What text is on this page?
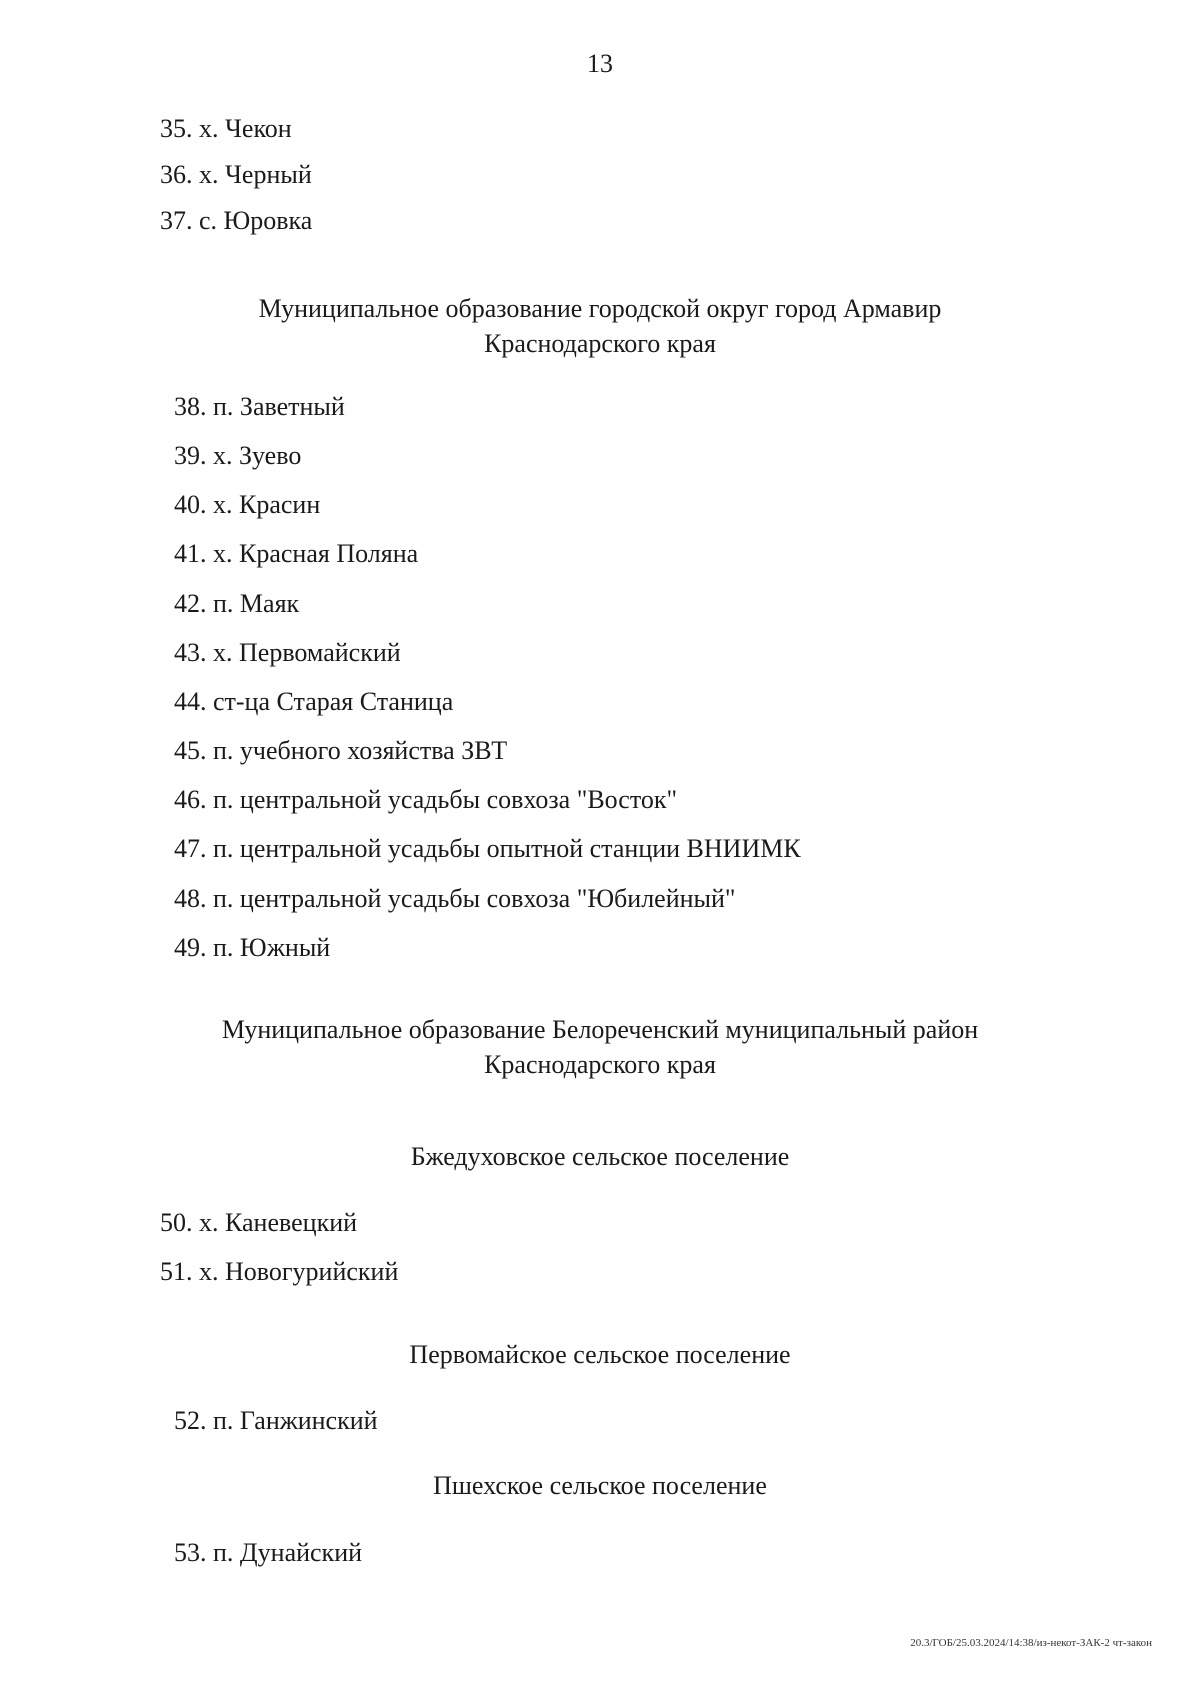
13
35. х. Чекон
36. х. Черный
37. с. Юровка
Муниципальное образование городской округ город Армавир
Краснодарского края
38. п. Заветный
39. х. Зуево
40. х. Красин
41. х. Красная Поляна
42. п. Маяк
43. х. Первомайский
44. ст-ца Старая Станица
45. п. учебного хозяйства ЗВТ
46. п. центральной усадьбы совхоза "Восток"
47. п. центральной усадьбы опытной станции ВНИИМК
48. п. центральной усадьбы совхоза "Юбилейный"
49. п. Южный
Муниципальное образование Белореченский муниципальный район
Краснодарского края
Бжедуховское сельское поселение
50. х. Каневецкий
51. х. Новогурийский
Первомайское сельское поселение
52. п. Ганжинский
Пшехское сельское поселение
53. п. Дунайский
20.3/ГОБ/25.03.2024/14:38/из-некот-ЗАК-2 чт-закон
